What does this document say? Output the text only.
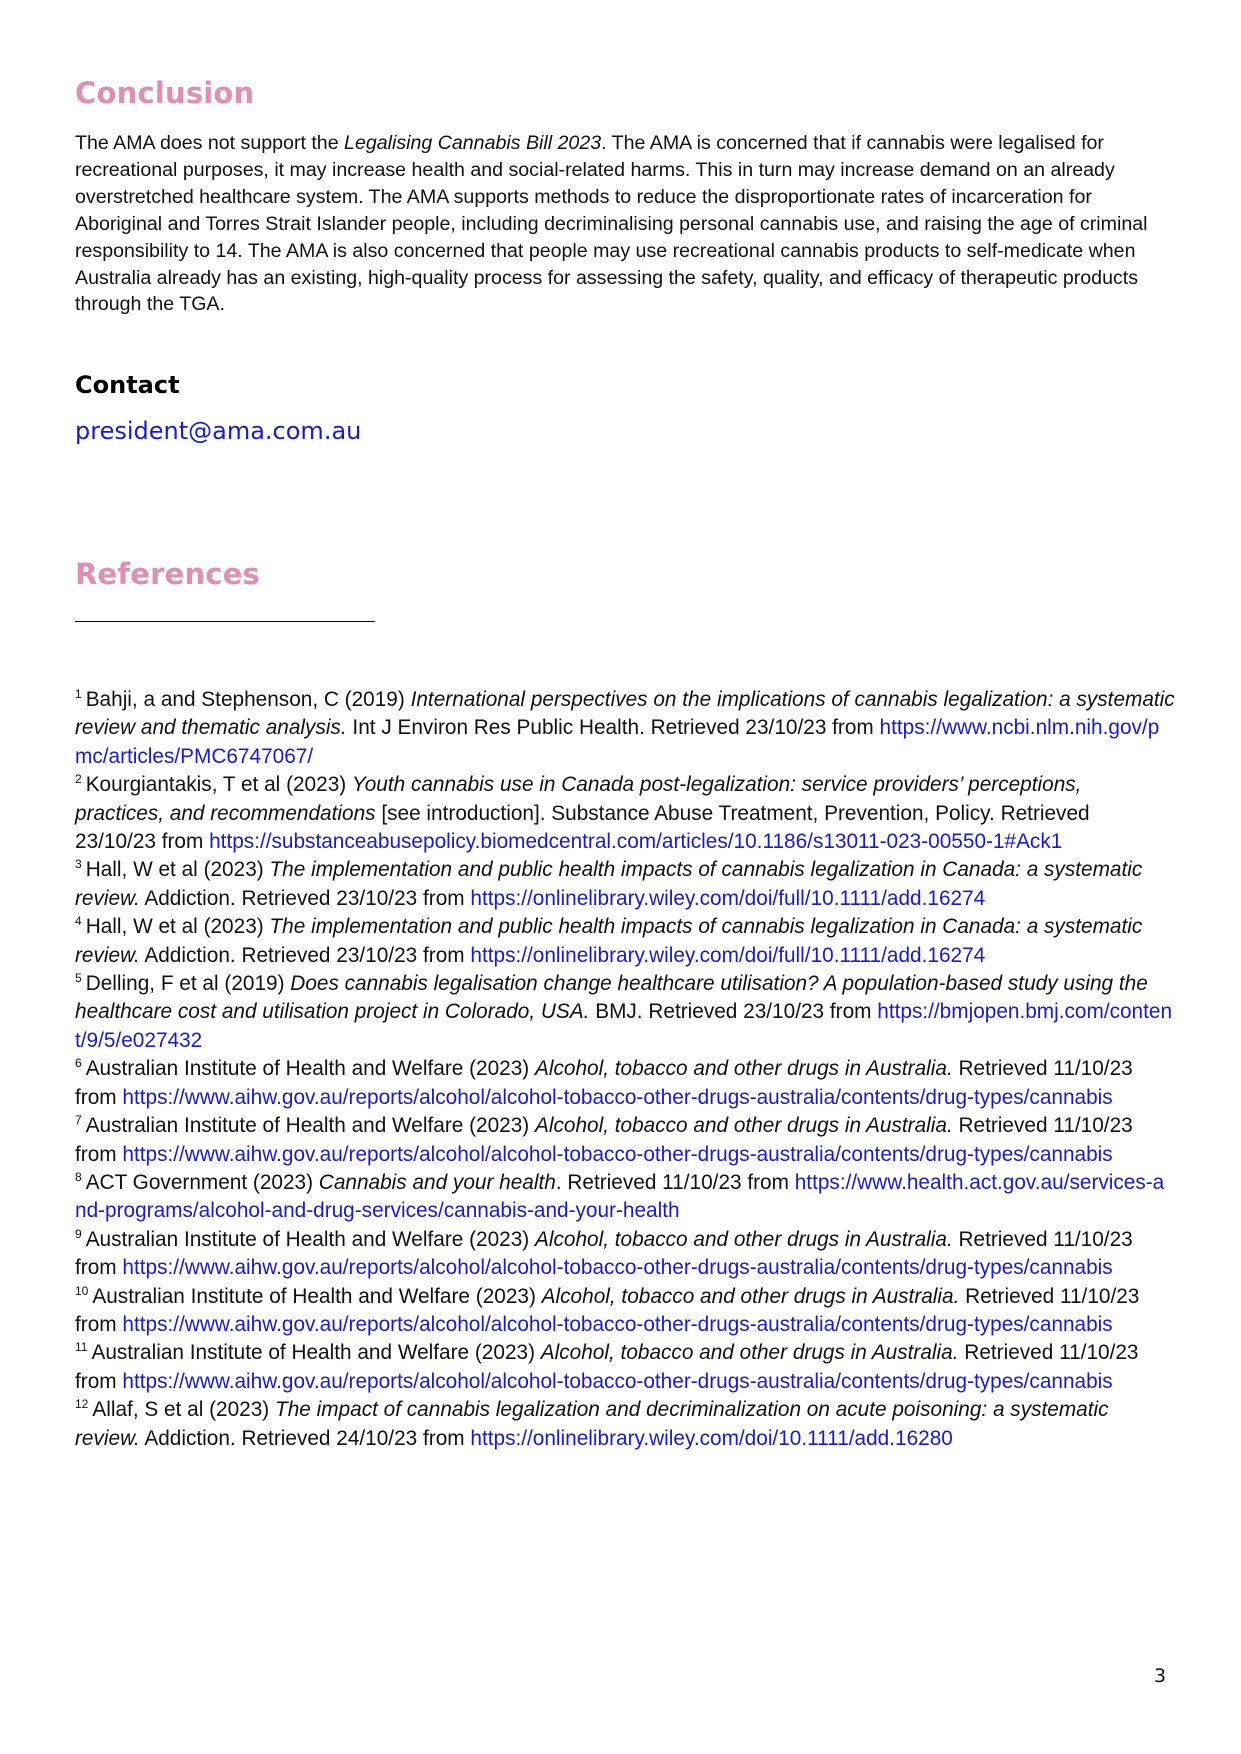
Conclusion

The AMA does not support the Legalising Cannabis Bill 2023. The AMA is concerned that if cannabis were legalised for recreational purposes, it may increase health and social-related harms. This in turn may increase demand on an already overstretched healthcare system. The AMA supports methods to reduce the disproportionate rates of incarceration for Aboriginal and Torres Strait Islander people, including decriminalising personal cannabis use, and raising the age of criminal responsibility to 14. The AMA is also concerned that people may use recreational cannabis products to self-medicate when Australia already has an existing, high-quality process for assessing the safety, quality, and efficacy of therapeutic products through the TGA.

Contact
president@ama.com.au
References
$^1$ Bahji, a and Stephenson, C (2019) International perspectives on the implications of cannabis legalization: a systematic review and thematic analysis. Int J Environ Res Public Health. Retrieved 23/10/23 from https://www.ncbi.nlm.nih.gov/pmc/articles/PMC6747067/
$^2$ Kourgiantakis, T et al (2023) Youth cannabis use in Canada post-legalization: service providers’ perceptions, practices, and recommendations [see introduction]. Substance Abuse Treatment, Prevention, Policy. Retrieved 23/10/23 from https://substanceabusepolicy.biomedcentral.com/articles/10.1186/s13011-023-00550-1#Ack1
$^3$ Hall, W et al (2023) The implementation and public health impacts of cannabis legalization in Canada: a systematic review. Addiction. Retrieved 23/10/23 from https://onlinelibrary.wiley.com/doi/full/10.1111/add.16274
$^4$ Hall, W et al (2023) The implementation and public health impacts of cannabis legalization in Canada: a systematic review. Addiction. Retrieved 23/10/23 from https://onlinelibrary.wiley.com/doi/full/10.1111/add.16274
$^5$ Delling, F et al (2019) Does cannabis legalisation change healthcare utilisation? A population-based study using the healthcare cost and utilisation project in Colorado, USA. BMJ. Retrieved 23/10/23 from https://bmjopen.bmj.com/content/9/5/e027432
$^6$ Australian Institute of Health and Welfare (2023) Alcohol, tobacco and other drugs in Australia. Retrieved 11/10/23 from https://www.aihw.gov.au/reports/alcohol/alcohol-tobacco-other-drugs-australia/contents/drug-types/cannabis
$^7$ Australian Institute of Health and Welfare (2023) Alcohol, tobacco and other drugs in Australia. Retrieved 11/10/23 from https://www.aihw.gov.au/reports/alcohol/alcohol-tobacco-other-drugs-australia/contents/drug-types/cannabis
$^8$ ACT Government (2023) Cannabis and your health. Retrieved 11/10/23 from https://www.health.act.gov.au/services-and-programs/alcohol-and-drug-services/cannabis-and-your-health
$^9$ Australian Institute of Health and Welfare (2023) Alcohol, tobacco and other drugs in Australia. Retrieved 11/10/23 from https://www.aihw.gov.au/reports/alcohol/alcohol-tobacco-other-drugs-australia/contents/drug-types/cannabis
$^{10}$ Australian Institute of Health and Welfare (2023) Alcohol, tobacco and other drugs in Australia. Retrieved 11/10/23 from https://www.aihw.gov.au/reports/alcohol/alcohol-tobacco-other-drugs-australia/contents/drug-types/cannabis
$^{11}$ Australian Institute of Health and Welfare (2023) Alcohol, tobacco and other drugs in Australia. Retrieved 11/10/23 from https://www.aihw.gov.au/reports/alcohol/alcohol-tobacco-other-drugs-australia/contents/drug-types/cannabis
$^{12}$ Allaf, S et al (2023) The impact of cannabis legalization and decriminalization on acute poisoning: a systematic review. Addiction. Retrieved 24/10/23 from https://onlinelibrary.wiley.com/doi/10.1111/add.16280
3
